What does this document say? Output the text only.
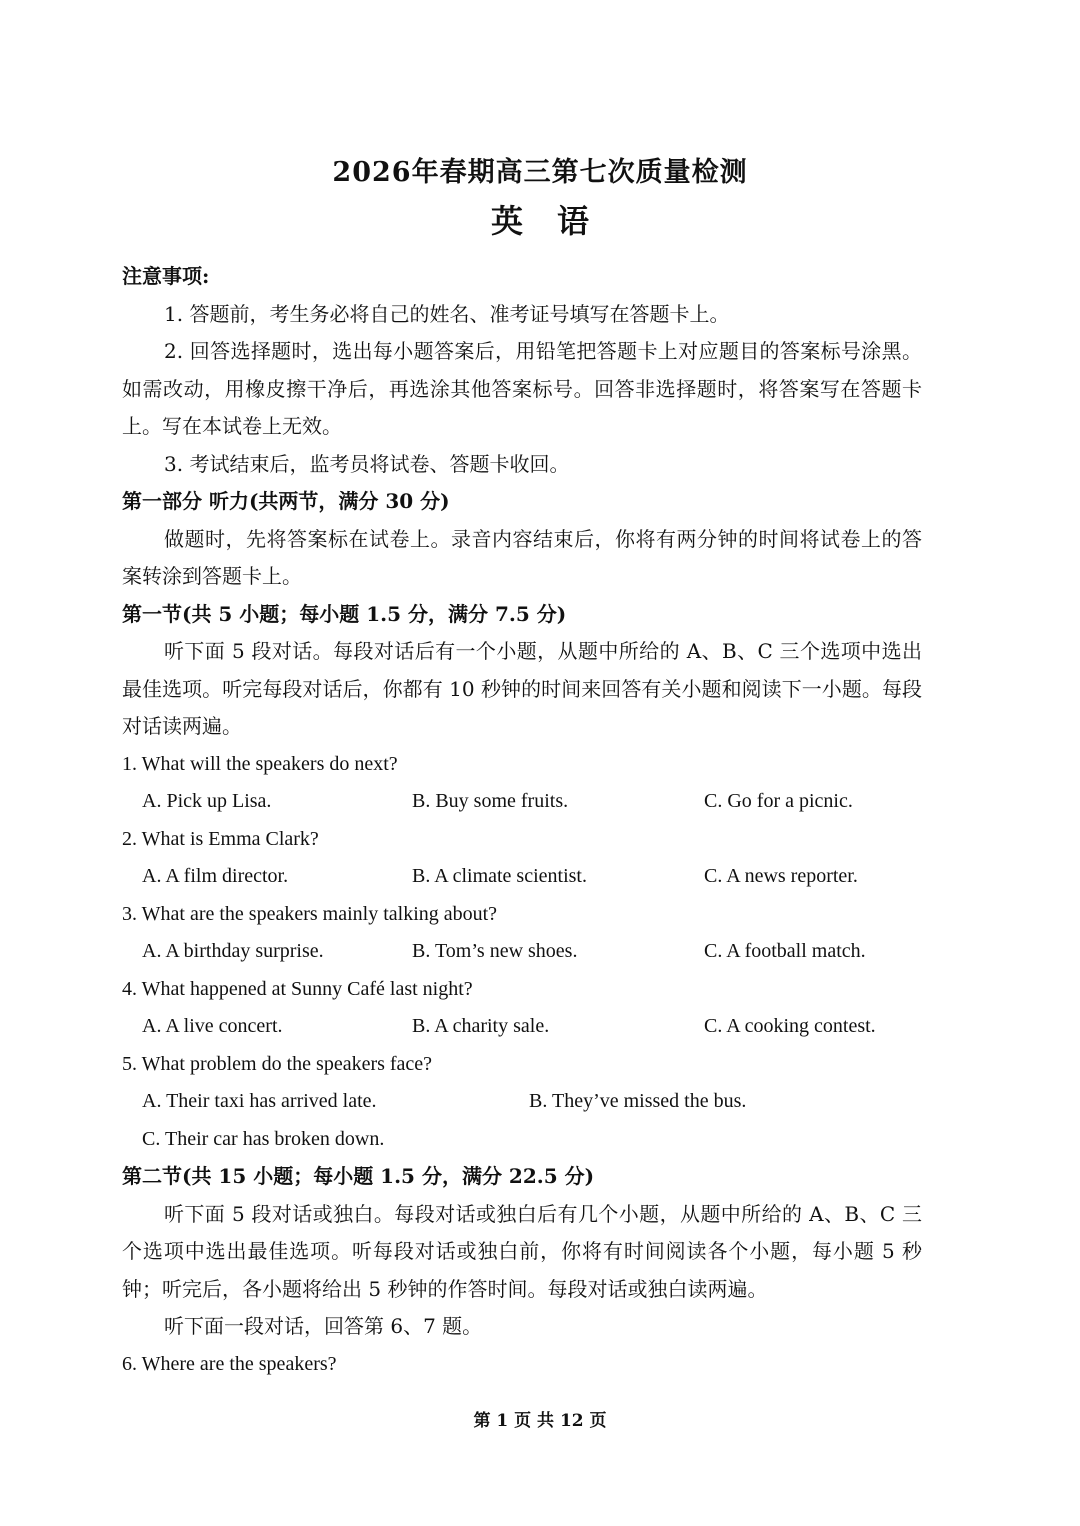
2026年春期高三第七次质量检测
英 语
注意事项:
1. 答题前，考生务必将自己的姓名、准考证号填写在答题卡上。
2. 回答选择题时，选出每小题答案后，用铅笔把答题卡上对应题目的答案标号涂黑。如需改动，用橡皮擦干净后，再选涂其他答案标号。回答非选择题时，将答案写在答题卡上。写在本试卷上无效。
3. 考试结束后，监考员将试卷、答题卡收回。
第一部分 听力(共两节，满分 30 分)
做题时，先将答案标在试卷上。录音内容结束后，你将有两分钟的时间将试卷上的答案转涂到答题卡上。
第一节(共 5 小题；每小题 1.5 分，满分 7.5 分)
听下面 5 段对话。每段对话后有一个小题，从题中所给的 A、B、C 三个选项中选出最佳选项。听完每段对话后，你都有 10 秒钟的时间来回答有关小题和阅读下一小题。每段对话读两遍。
1. What will the speakers do next?
A. Pick up Lisa.	B. Buy some fruits.	C. Go for a picnic.
2. What is Emma Clark?
A. A film director.	B. A climate scientist.	C. A news reporter.
3. What are the speakers mainly talking about?
A. A birthday surprise.	B. Tom’s new shoes.	C. A football match.
4. What happened at Sunny Café last night?
A. A live concert.	B. A charity sale.	C. A cooking contest.
5. What problem do the speakers face?
A. Their taxi has arrived late.	B. They’ve missed the bus.
C. Their car has broken down.
第二节(共 15 小题；每小题 1.5 分，满分 22.5 分)
听下面 5 段对话或独白。每段对话或独白后有几个小题，从题中所给的 A、B、C 三个选项中选出最佳选项。听每段对话或独白前，你将有时间阅读各个小题，每小题 5 秒钟；听完后，各小题将给出 5 秒钟的作答时间。每段对话或独白读两遍。
听下面一段对话，回答第 6、7 题。
6. Where are the speakers?
第 1 页 共 12 页
